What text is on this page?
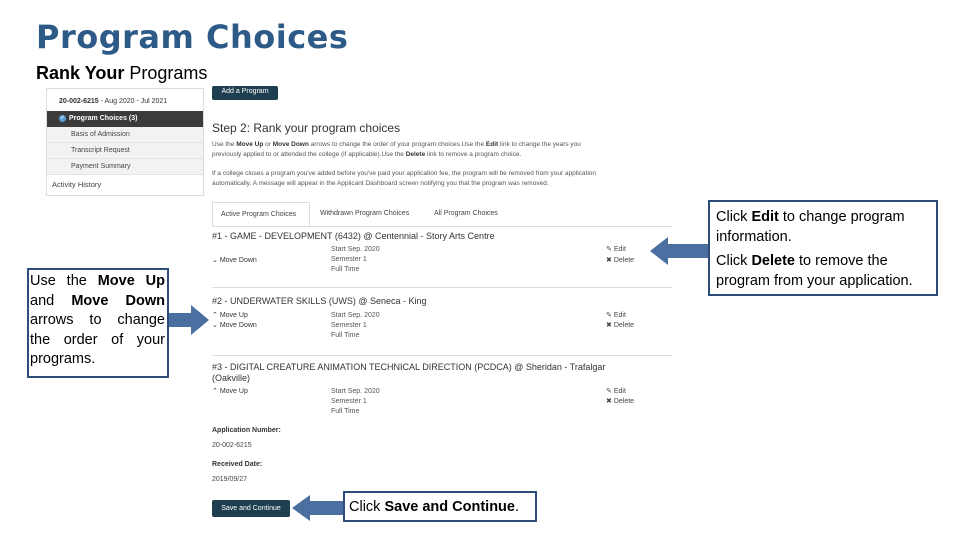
Program Choices
Rank Your Programs
20-002-6215 - Aug 2020 - Jul 2021
✓ Program Choices (3)
Basis of Admission
Transcript Request
Payment Summary
Activity History
Add a Program
Step 2: Rank your program choices
Use the Move Up or Move Down arrows to change the order of your program choices.Use the Edit link to change the years you
previously applied to or attended the college (if applicable).Use the Delete link to remove a program choice.
If a college closes a program you've added before you've paid your application fee, the program will be removed from your application
automatically. A message will appear in the Applicant Dashboard screen notifying you that the program was removed.
Active Program Choices	Withdrawn Program Choices	All Program Choices
#1 - GAME - DEVELOPMENT (6432) @ Centennial - Story Arts Centre
⌄ Move Down
Start Sep. 2020
Semester 1
Full Time
✎ Edit
✖ Delete
#2 - UNDERWATER SKILLS (UWS) @ Seneca - King
⌃ Move Up
⌄ Move Down
Start Sep. 2020
Semester 1
Full Time
✎ Edit
✖ Delete
#3 - DIGITAL CREATURE ANIMATION TECHNICAL DIRECTION (PCDCA) @ Sheridan - Trafalgar
(Oakville)
⌃ Move Up	Start Sep. 2020
Semester 1
Full Time
✎ Edit
✖ Delete
Application Number:
20-002-6215
Received Date:
2019/09/27
Save and Continue
Use the Move Up and Move Down arrows to change the order of your programs.
Click Edit to change program information.
Click Delete to remove the program from your application.
Click Save and Continue.
